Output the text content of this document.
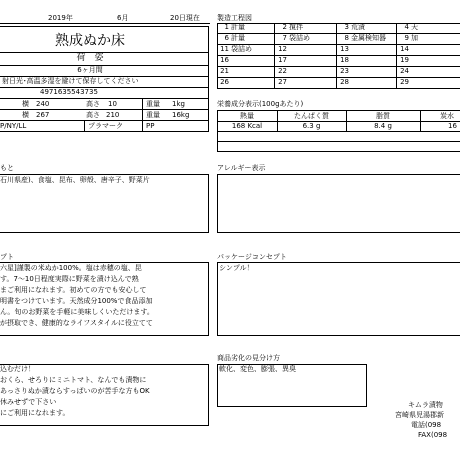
2019年	6月	20日現在
熟成ぬか床
荷　姿
6ヶ月間
射日光･高温多湿を避けて保存してください
4971635543735
横 240	高さ 10	重量 1kg
横 267	高さ 210	重量 16kg
P/NY/LL	プラマーク	PP
製造工程図
1 計量	2 撹拌	3 荒漬	4 天
6 計量	7 袋詰め	8 金属検知器	9 加
11 袋詰め	12	13	14
16	17	18	19
21	22	23	24
26	27	28	29
栄養成分表示(100gあたり)
熱量	たんぱく質	脂質	炭水
168 Kcal	6.3 g	8.4 g	16
もと
石川県産)、食塩、昆布、卵殻、唐辛子、野菜片
アレルギー表示
プト
六星]謹製の米ぬか100%。塩は赤穂の塩、昆
す。7～10日程度実際に野菜を漬け込んで熟
まご利用になれます。初めての方でも安心して
明書をつけています。天然成分100%で食品添加
ん。旬のお野菜を手軽に美味しくいただけます。
が摂取でき、健康的なライフスタイルに役立てて
パッケージコンセプト
シンプル！
込むだけ！
おくら、せろりにミニトマト、なんでも漬物に
あっさりぬか漬ならすっぱいのが苦手な方もOK
休みせずで下さい
にご利用になれます。
商品劣化の見分け方
軟化、変色、膨張、異臭
キムラ漬物
宮崎県児湯郡新
電話(098
FAX(098
